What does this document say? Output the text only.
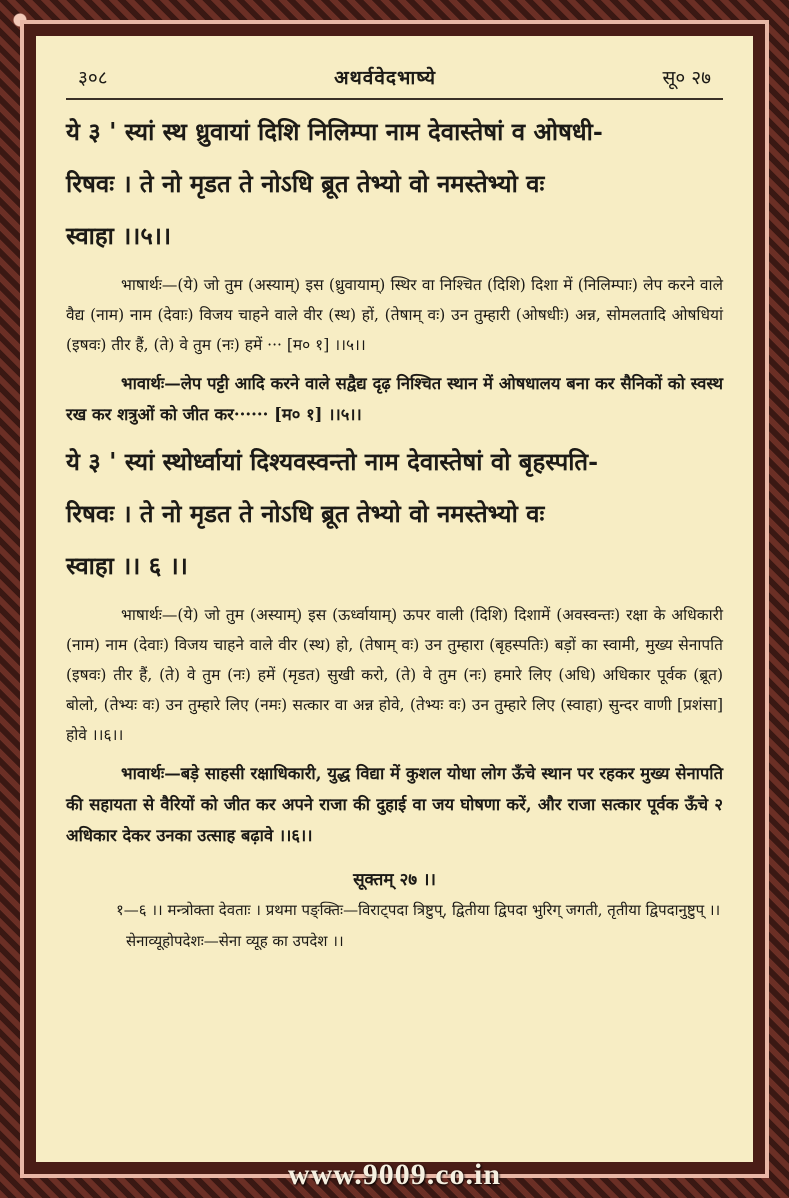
३०८	अथर्ववेदभाष्ये	सू० २७
ये ३ ' स्यां स्थ ध्रुवायां दिशि निलिम्पा नाम देवास्तेषां व ओषधी-
रिषवः । ते नो मृडत ते नोऽधि ब्रूत तेभ्यो वो नमस्तेभ्यो वः
स्वाहा ।।५।।

भाषार्थः—(ये) जो तुम (अस्याम्) इस (ध्रुवायाम्) स्थिर वा निश्चित (दिशि) दिशा में (निलिम्पाः) लेप करने वाले वैद्य (नाम) नाम (देवाः) विजय चाहने वाले वीर (स्थ) हों, (तेषाम् वः) उन तुम्हारी (ओषधीः) अन्न, सोमलतादि ओषधियां (इषवः) तीर हैं, (ते) वे तुम (नः) हमें ··· [म० १] ।।५।।

भावार्थः—लेप पट्टी आदि करने वाले सद्वैद्य दृढ़ निश्चित स्थान में ओषधालय बना कर सैनिकों को स्वस्थ रख कर शत्रुओं को जीत कर······ [म० १] ।।५।।

ये ३ ' स्यां स्थोर्ध्वायां दिश्यवस्वन्तो नाम देवास्तेषां वो बृहस्पति-
रिषवः । ते नो मृडत ते नोऽधि ब्रूत तेभ्यो वो नमस्तेभ्यो वः
स्वाहा ।। ६ ।।

भाषार्थः—(ये) जो तुम (अस्याम्) इस (ऊर्ध्वायाम्) ऊपर वाली (दिशि) दिशामें (अवस्वन्तः) रक्षा के अधिकारी (नाम) नाम (देवाः) विजय चाहने वाले वीर (स्थ) हो, (तेषाम् वः) उन तुम्हारा (बृहस्पतिः) बड़ों का स्वामी, मुख्य सेनापति (इषवः) तीर हैं, (ते) वे तुम (नः) हमें (मृडत) सुखी करो, (ते) वे तुम (नः) हमारे लिए (अधि) अधिकार पूर्वक (ब्रूत) बोलो, (तेभ्यः वः) उन तुम्हारे लिए (नमः) सत्कार वा अन्न होवे, (तेभ्यः वः) उन तुम्हारे लिए (स्वाहा) सुन्दर वाणी [प्रशंसा] होवे ।।६।।

भावार्थः—बड़े साहसी रक्षाधिकारी, युद्ध विद्या में कुशल योधा लोग ऊँचे स्थान पर रहकर मुख्य सेनापति की सहायता से वैरियों को जीत कर अपने राजा की दुहाई वा जय घोषणा करें, और राजा सत्कार पूर्वक ऊँचे २ अधिकार देकर उनका उत्साह बढ़ावे ।।६।।

सूक्तम् २७ ।।

१—६ ।। मन्त्रोक्ता देवताः । प्रथमा पङ्क्तिः—विराट्पदा त्रिष्टुप्, द्वितीया द्विपदा भुरिग् जगती, तृतीया द्विपदानुष्टुप् ।।

सेनाव्यूहोपदेशः—सेना व्यूह का उपदेश ।।

www.9009.co.in
